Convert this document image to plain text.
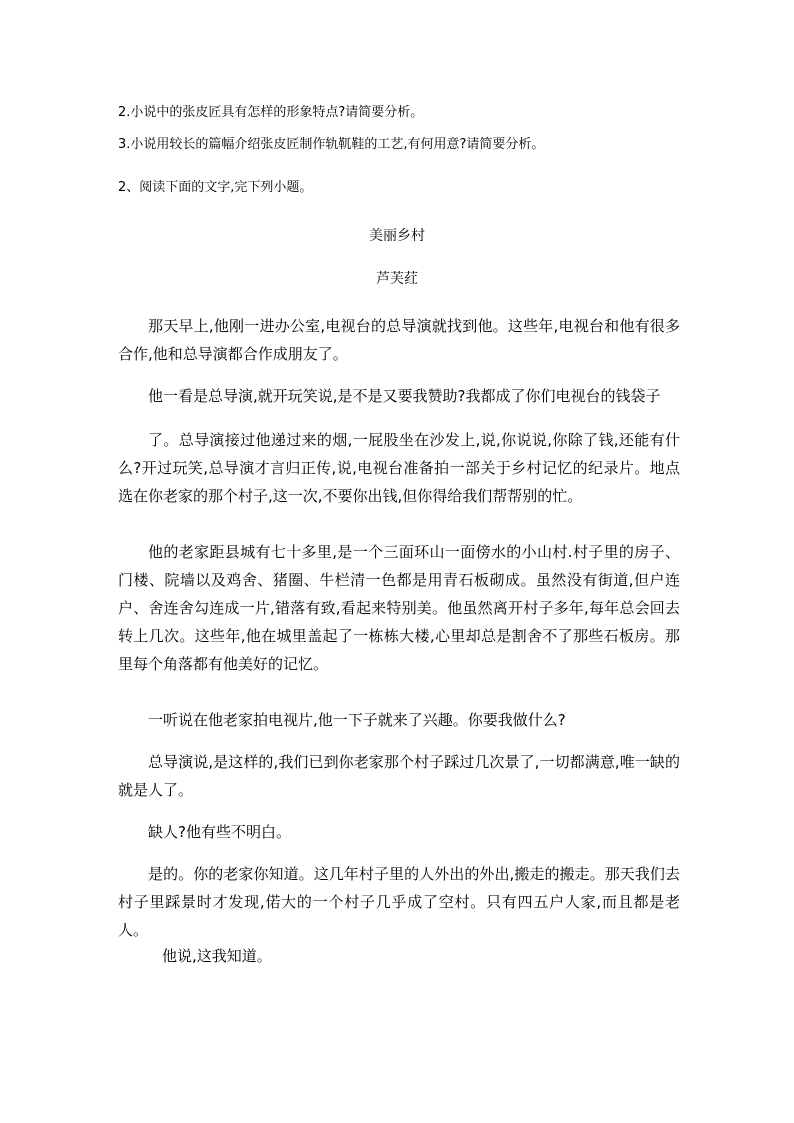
2.小说中的张皮匠具有怎样的形象特点?请简要分析。
3.小说用较长的篇幅介绍张皮匠制作轨靰鞋的工艺,有何用意?请简要分析。
2、阅读下面的文字,完下列小题。
美丽乡村
芦芙荭
那天早上,他刚一进办公室,电视台的总导演就找到他。这些年,电视台和他有很多合作,他和总导演都合作成朋友了。
他一看是总导演,就开玩笑说,是不是又要我赞助?我都成了你们电视台的钱袋子
了。总导演接过他递过来的烟,一屁股坐在沙发上,说,你说说,你除了钱,还能有什么?开过玩笑,总导演才言归正传,说,电视台准备拍一部关于乡村记忆的纪录片。地点选在你老家的那个村子,这一次,不要你出钱,但你得给我们帮帮别的忙。
他的老家距县城有七十多里,是一个三面环山一面傍水的小山村.村子里的房子、门楼、院墙以及鸡舍、猪圈、牛栏清一色都是用青石板砌成。虽然没有街道,但户连户、舍连舍勾连成一片,错落有致,看起来特别美。他虽然离开村子多年,每年总会回去转上几次。这些年,他在城里盖起了一栋栋大楼,心里却总是割舍不了那些石板房。那里每个角落都有他美好的记忆。
一听说在他老家拍电视片,他一下子就来了兴趣。你要我做什么?
总导演说,是这样的,我们已到你老家那个村子踩过几次景了,一切都满意,唯一缺的就是人了。
缺人?他有些不明白。
是的。你的老家你知道。这几年村子里的人外出的外出,搬走的搬走。那天我们去村子里踩景时才发现,偌大的一个村子几乎成了空村。只有四五户人家,而且都是老人。
他说,这我知道。
